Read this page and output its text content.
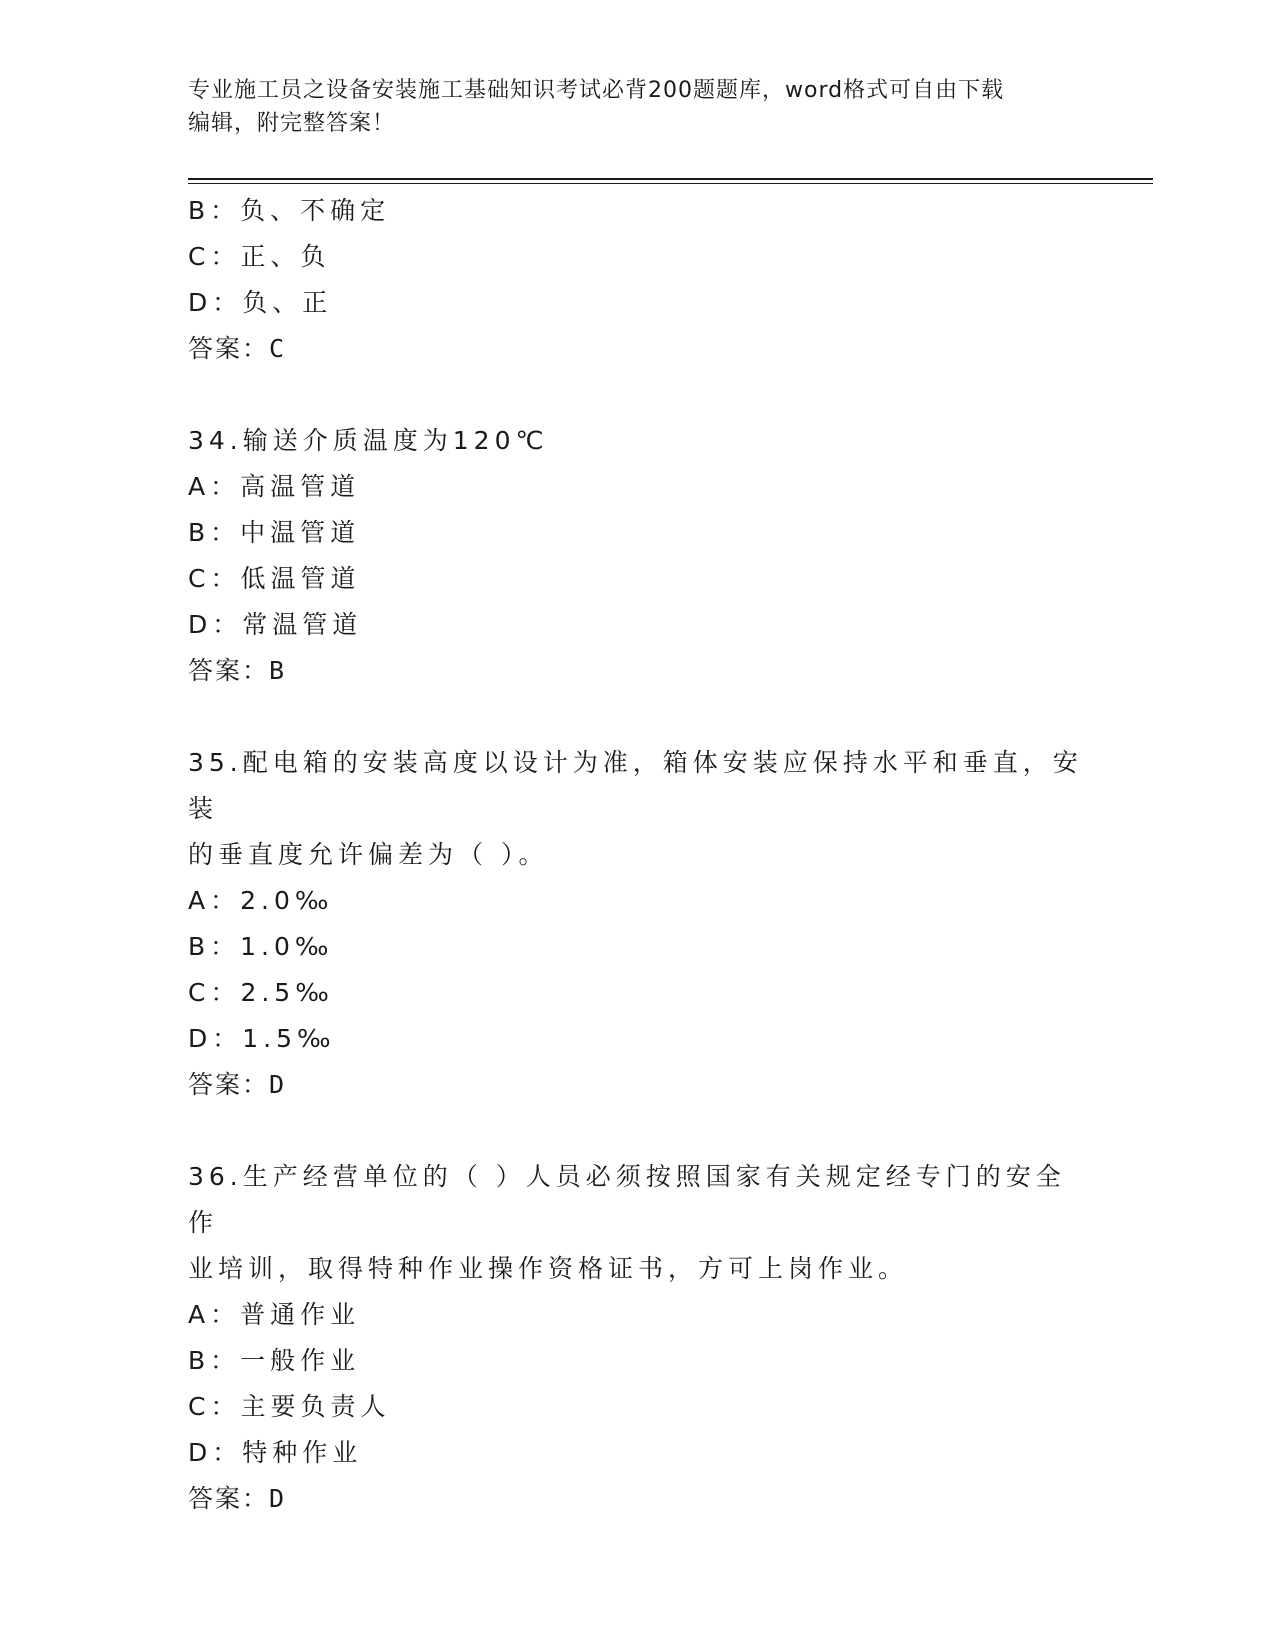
专业施工员之设备安装施工基础知识考试必背200题题库，word格式可自由下载
编辑，附完整答案！
B：负、不确定
C：正、负
D：负、正
答案：C
34.输送介质温度为120℃
A：高温管道
B：中温管道
C：低温管道
D：常温管道
答案：B
35.配电箱的安装高度以设计为准，箱体安装应保持水平和垂直，安装
的垂直度允许偏差为（ ）。
A：2.0‰
B：1.0‰
C：2.5‰
D：1.5‰
答案：D
36.生产经营单位的（ ）人员必须按照国家有关规定经专门的安全作
业培训，取得特种作业操作资格证书，方可上岗作业。
A：普通作业
B：一般作业
C：主要负责人
D：特种作业
答案：D
